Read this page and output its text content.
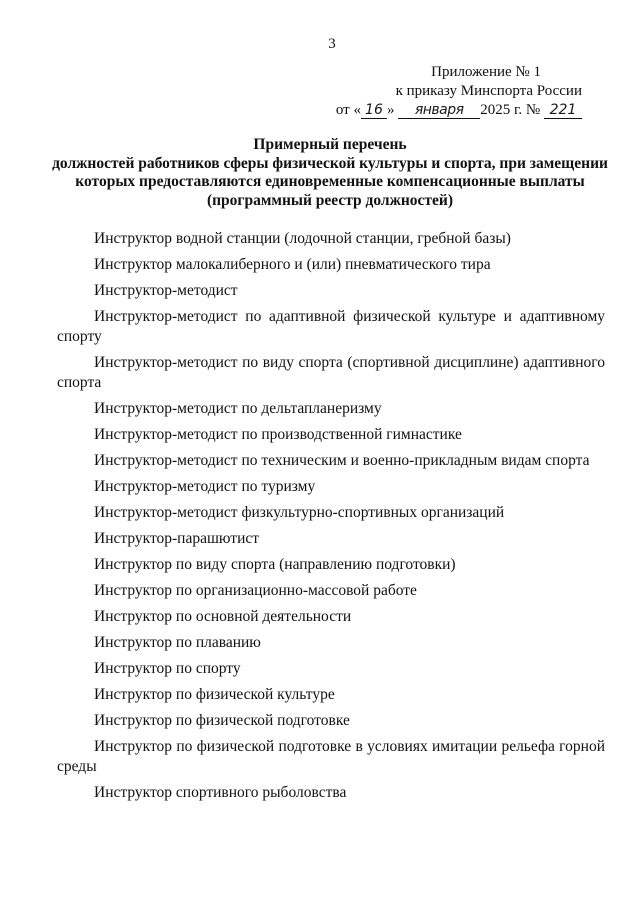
3
Приложение № 1
к приказу Минспорта России
от « 16 » января 2025 г. № 221
Примерный перечень
должностей работников сферы физической культуры и спорта, при замещении
которых предоставляются единовременные компенсационные выплаты
(программный реестр должностей)
Инструктор водной станции (лодочной станции, гребной базы)
Инструктор малокалиберного и (или) пневматического тира
Инструктор-методист
Инструктор-методист по адаптивной физической культуре и адаптивному спорту
Инструктор-методист по виду спорта (спортивной дисциплине) адаптивного спорта
Инструктор-методист по дельтапланеризму
Инструктор-методист по производственной гимнастике
Инструктор-методист по техническим и военно-прикладным видам спорта
Инструктор-методист по туризму
Инструктор-методист физкультурно-спортивных организаций
Инструктор-парашютист
Инструктор по виду спорта (направлению подготовки)
Инструктор по организационно-массовой работе
Инструктор по основной деятельности
Инструктор по плаванию
Инструктор по спорту
Инструктор по физической культуре
Инструктор по физической подготовке
Инструктор по физической подготовке в условиях имитации рельефа горной среды
Инструктор спортивного рыболовства
